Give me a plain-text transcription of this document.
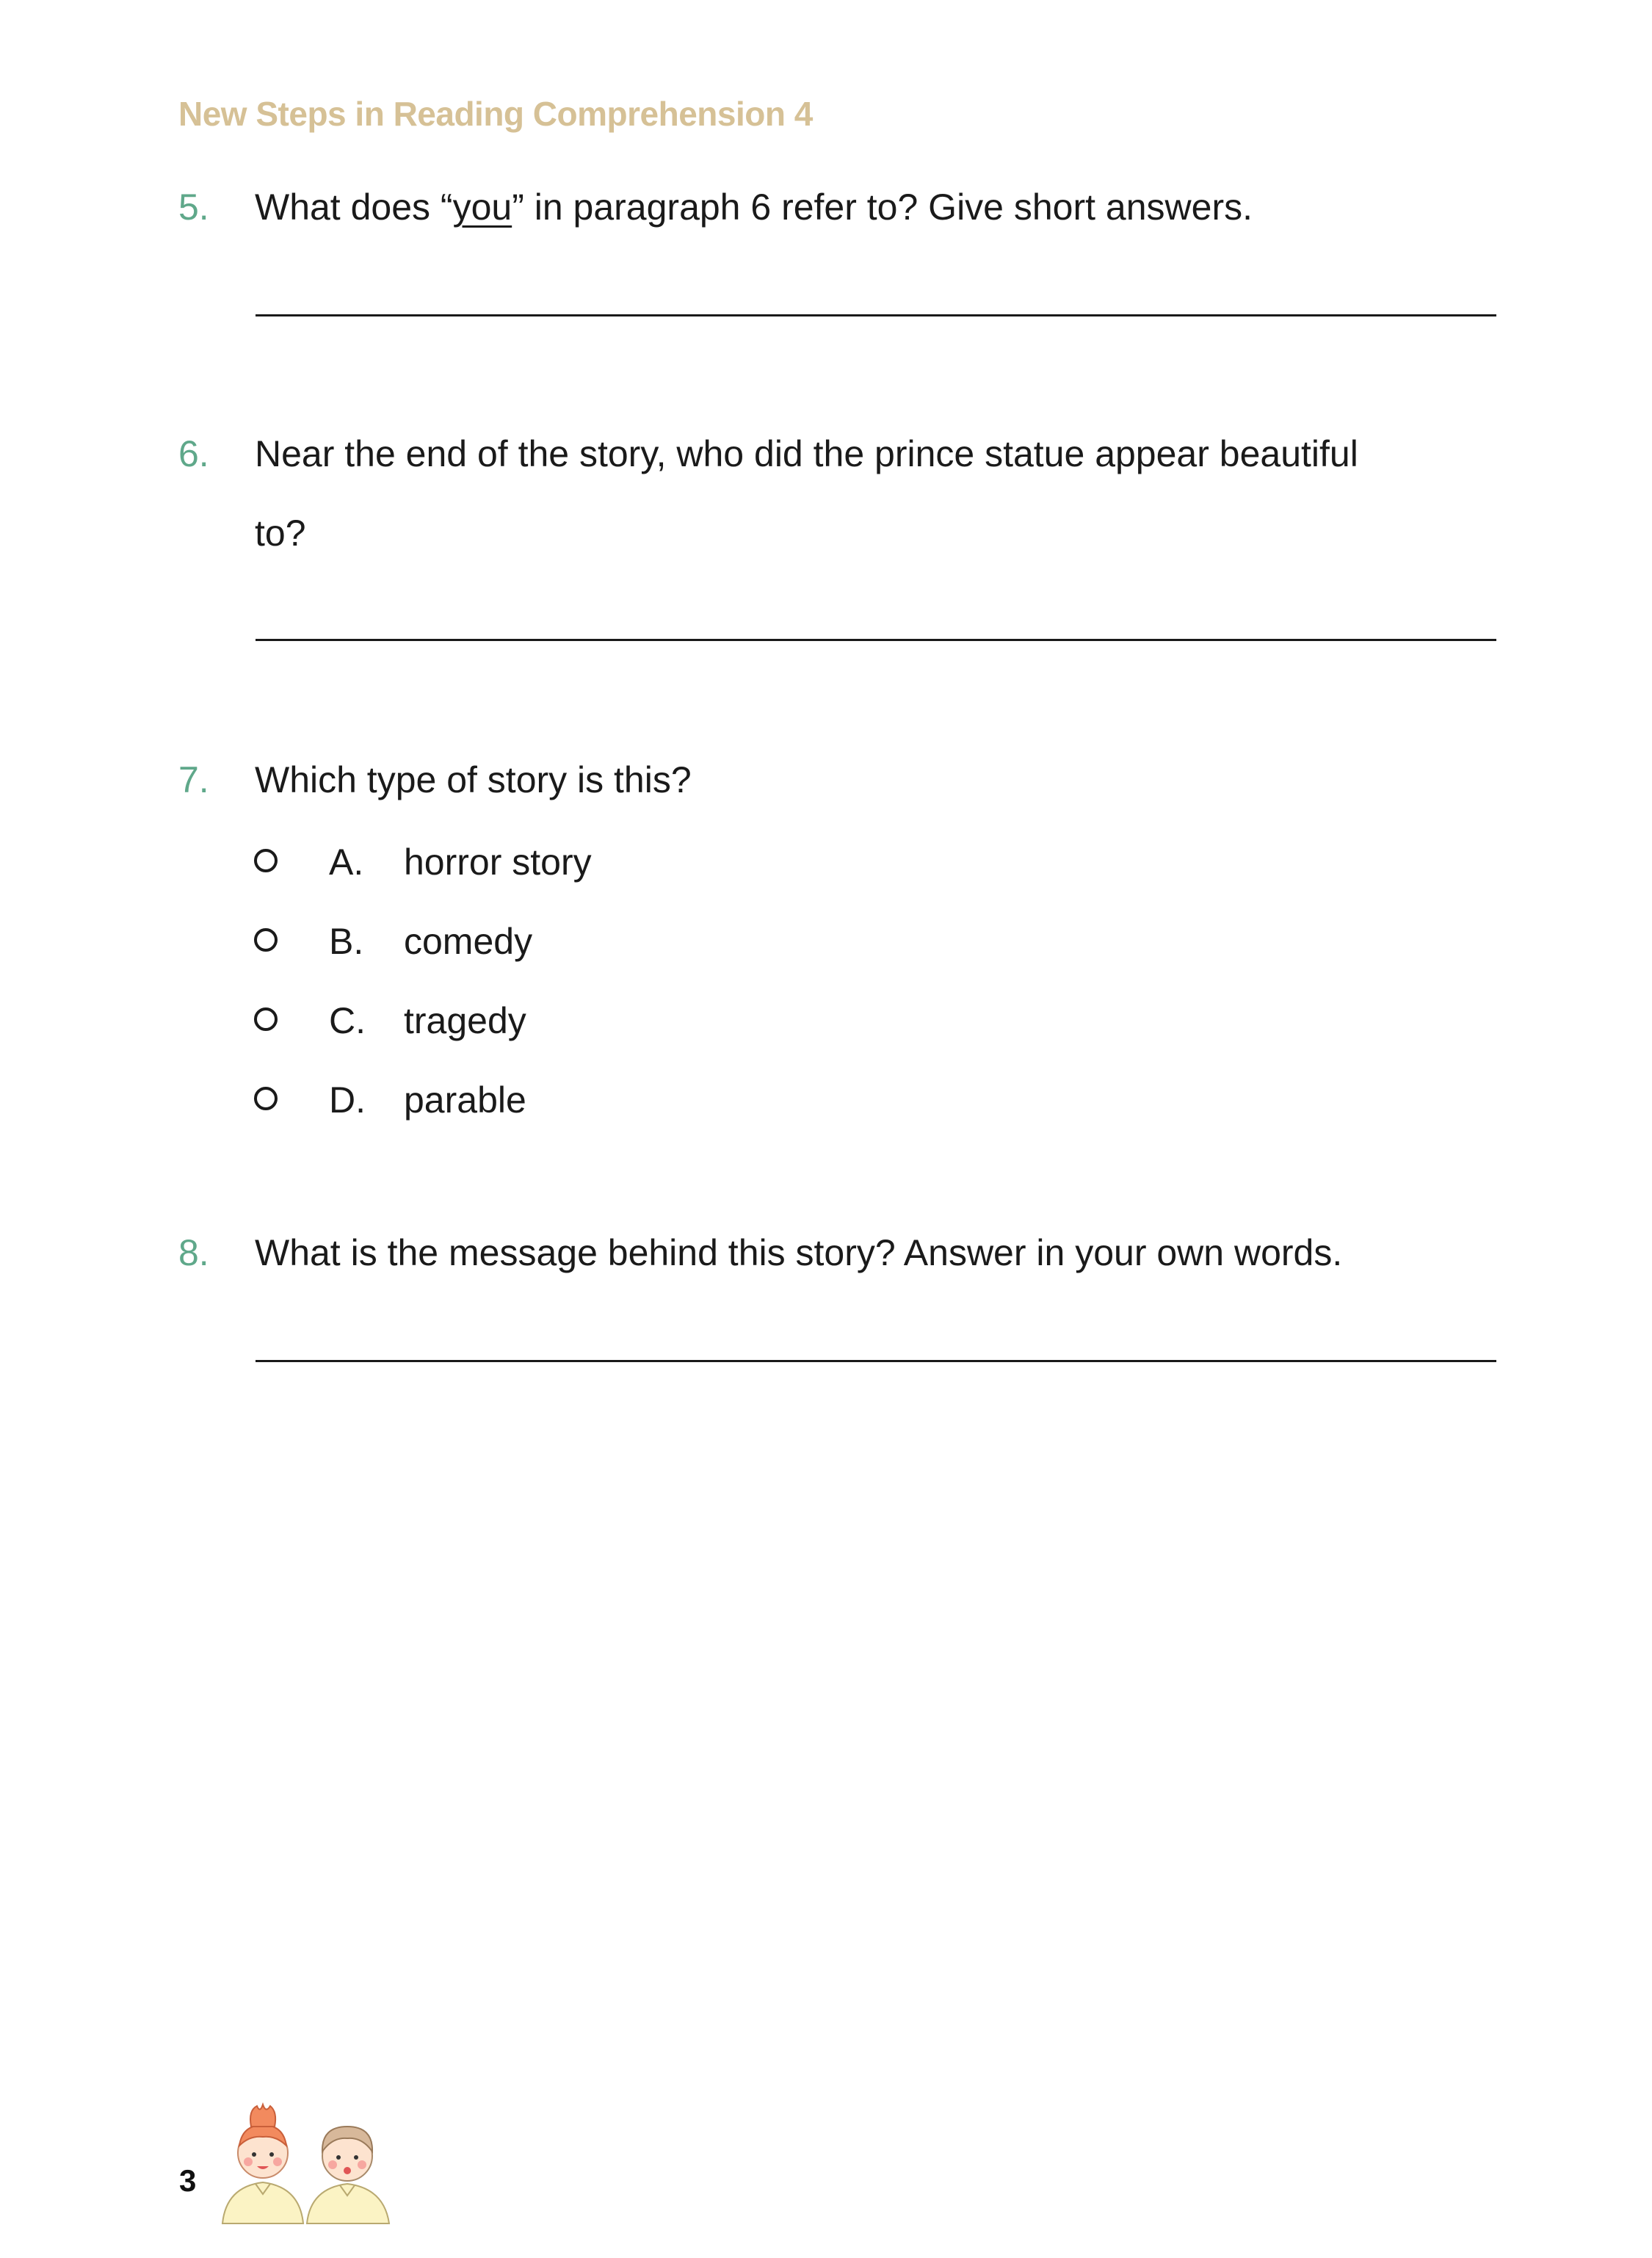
New Steps in Reading Comprehension 4
5. What does “you” in paragraph 6 refer to? Give short answers.
6. Near the end of the story, who did the prince statue appear beautiful
to?
7. Which type of story is this?
A. horror story
B. comedy
C. tragedy
D. parable
8. What is the message behind this story? Answer in your own words.
3
